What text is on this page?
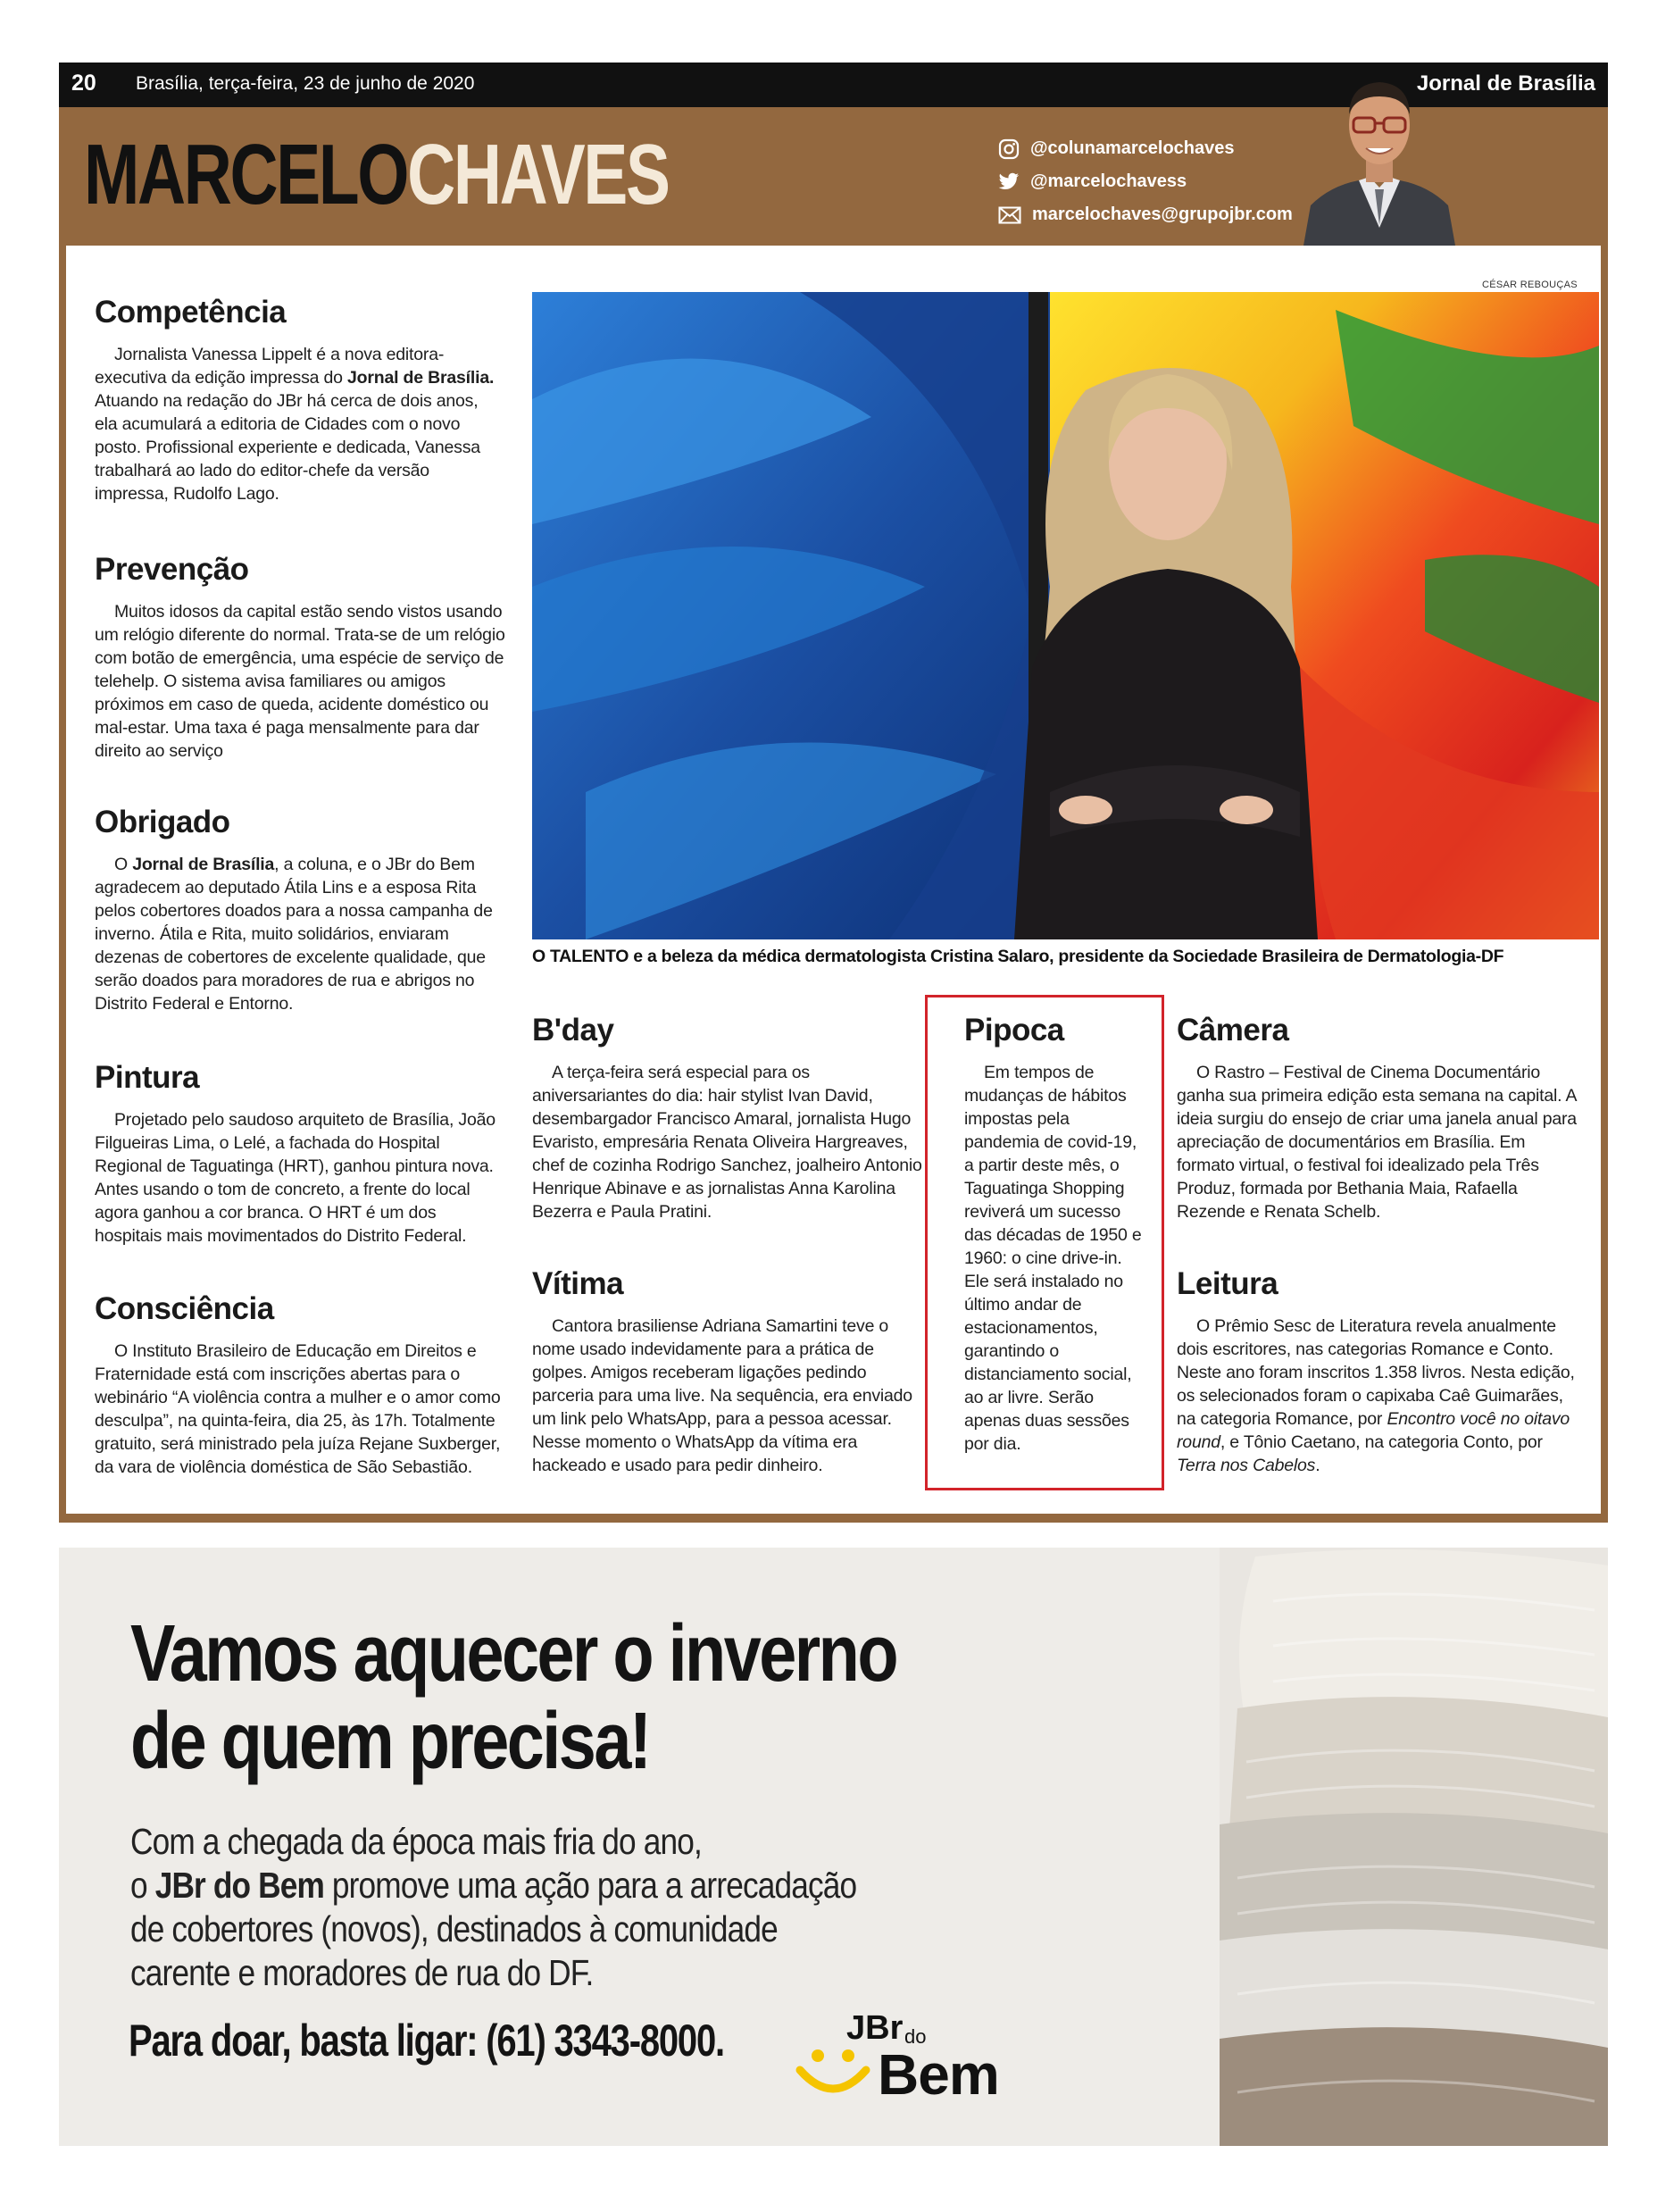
20 Brasília, terça-feira, 23 de junho de 2020	Jornal de Brasília
MARCELOCHAVES	@colunamarcelochaves
@marcelochavess
marcelochaves@grupojbr.com
Competência

Jornalista Vanessa Lippelt é a nova editora-executiva da edição impressa do Jornal de Brasília. Atuando na redação do JBr há cerca de dois anos, ela acumulará a editoria de Cidades com o novo posto. Profissional experiente e dedicada, Vanessa trabalhará ao lado do editor-chefe da versão impressa, Rudolfo Lago.

Prevenção

Muitos idosos da capital estão sendo vistos usando um relógio diferente do normal. Trata-se de um relógio com botão de emergência, uma espécie de serviço de telehelp. O sistema avisa familiares ou amigos próximos em caso de queda, acidente doméstico ou mal-estar. Uma taxa é paga mensalmente para dar direito ao serviço

Obrigado

O Jornal de Brasília, a coluna, e o JBr do Bem agradecem ao deputado Átila Lins e a esposa Rita pelos cobertores doados para a nossa campanha de inverno. Átila e Rita, muito solidários, enviaram dezenas de cobertores de excelente qualidade, que serão doados para moradores de rua e abrigos no Distrito Federal e Entorno.

Pintura

Projetado pelo saudoso arquiteto de Brasília, João Filgueiras Lima, o Lelé, a fachada do Hospital Regional de Taguatinga (HRT), ganhou pintura nova. Antes usando o tom de concreto, a frente do local agora ganhou a cor branca. O HRT é um dos hospitais mais movimentados do Distrito Federal.

Consciência

O Instituto Brasileiro de Educação em Direitos e Fraternidade está com inscrições abertas para o webinário “A violência contra a mulher e o amor como desculpa”, na quinta-feira, dia 25, às 17h. Totalmente gratuito, será ministrado pela juíza Rejane Suxberger, da vara de violência doméstica de São Sebastião.

CÉSAR REBOUÇAS
O TALENTO e a beleza da médica dermatologista Cristina Salaro, presidente da Sociedade Brasileira de Dermatologia-DF
B'day

A terça-feira será especial para os aniversariantes do dia: hair stylist Ivan David, desembargador Francisco Amaral, jornalista Hugo Evaristo, empresária Renata Oliveira Hargreaves, chef de cozinha Rodrigo Sanchez, joalheiro Antonio Henrique Abinave e as jornalistas Anna Karolina Bezerra e Paula Pratini.

Vítima

Cantora brasiliense Adriana Samartini teve o nome usado indevidamente para a prática de golpes. Amigos receberam ligações pedindo parceria para uma live. Na sequência, era enviado um link pelo WhatsApp, para a pessoa acessar. Nesse momento o WhatsApp da vítima era hackeado e usado para pedir dinheiro.

Pipoca

Em tempos de mudanças de hábitos impostas pela pandemia de covid-19, a partir deste mês, o Taguatinga Shopping reviverá um sucesso das décadas de 1950 e 1960: o cine drive-in. Ele será instalado no último andar de estacionamentos, garantindo o distanciamento social, ao ar livre. Serão apenas duas sessões por dia.

Câmera

O Rastro – Festival de Cinema Documentário ganha sua primeira edição esta semana na capital. A ideia surgiu do ensejo de criar uma janela anual para apreciação de documentários em Brasília. Em formato virtual, o festival foi idealizado pela Três Produz, formada por Bethania Maia, Rafaella Rezende e Renata Schelb.

Leitura

O Prêmio Sesc de Literatura revela anualmente dois escritores, nas categorias Romance e Conto. Neste ano foram inscritos 1.358 livros. Nesta edição, os selecionados foram o capixaba Caê Guimarães, na categoria Romance, por Encontro você no oitavo round, e Tônio Caetano, na categoria Conto, por Terra nos Cabelos.

Vamos aquecer o inverno
de quem precisa!
Com a chegada da época mais fria do ano,
o JBr do Bem promove uma ação para a arrecadação
de cobertores (novos), destinados à comunidade
carente e moradores de rua do DF.
Para doar, basta ligar: (61) 3343-8000.	JBr do
Bem
